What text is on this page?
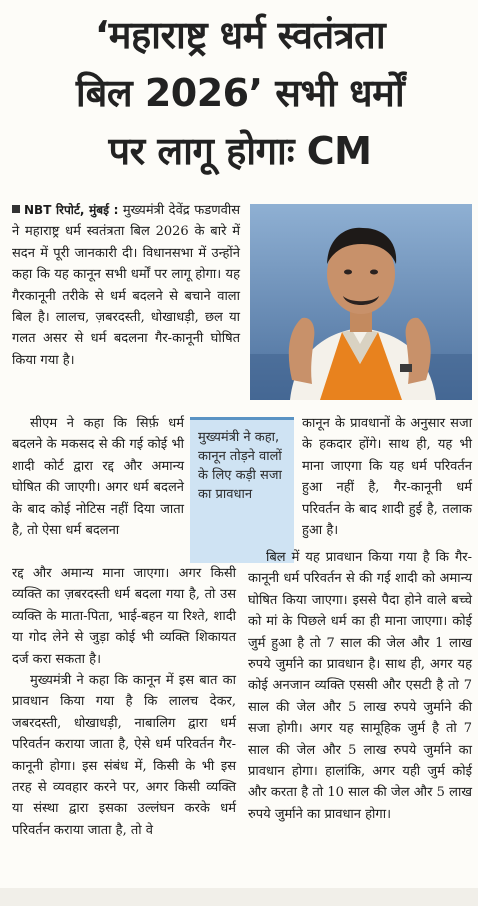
‘महाराष्ट्र धर्म स्वतंत्रता
बिल 2026’ सभी धर्मों
पर लागू होगाः CM

NBT रिपोर्ट, मुंबई : मुख्यमंत्री देवेंद्र फडणवीस ने महाराष्ट्र धर्म स्वतंत्रता बिल 2026 के बारे में सदन में पूरी जानकारी दी। विधानसभा में उन्होंने कहा कि यह कानून सभी धर्मों पर लागू होगा। यह गैरकानूनी तरीके से धर्म बदलने से बचाने वाला बिल है। लालच, ज़बरदस्ती, धोखाधड़ी, छल या गलत असर से धर्म बदलना गैर-कानूनी घोषित किया गया है।

सीएम ने कहा कि सिर्फ़ धर्म बदलने के मकसद से की गई कोई भी शादी कोर्ट द्वारा रद्द और अमान्य घोषित की जाएगी। अगर धर्म बदलने के बाद कोई नोटिस नहीं दिया जाता है, तो ऐसा धर्म बदलना

मुख्यमंत्री ने कहा, कानून तोड़ने वालों के लिए कड़ी सजा का प्रावधान

कानून के प्रावधानों के अनुसार सजा के हकदार होंगे। साथ ही, यह भी माना जाएगा कि यह धर्म परिवर्तन हुआ नहीं है, गैर-कानूनी धर्म परिवर्तन के बाद शादी हुई है, तलाक हुआ है।

रद्द और अमान्य माना जाएगा। अगर किसी व्यक्ति का ज़बरदस्ती धर्म बदला गया है, तो उस व्यक्ति के माता-पिता, भाई-बहन या रिश्ते, शादी या गोद लेने से जुड़ा कोई भी व्यक्ति शिकायत दर्ज करा सकता है।

मुख्यमंत्री ने कहा कि कानून में इस बात का प्रावधान किया गया है कि लालच देकर, जबरदस्ती, धोखाधड़ी, नाबालिग द्वारा धर्म परिवर्तन कराया जाता है, ऐसे धर्म परिवर्तन गैर-कानूनी होगा। इस संबंध में, किसी के भी इस तरह से व्यवहार करने पर, अगर किसी व्यक्ति या संस्था द्वारा इसका उल्लंघन करके धर्म परिवर्तन कराया जाता है, तो वे

बिल में यह प्रावधान किया गया है कि गैर-कानूनी धर्म परिवर्तन से की गई शादी को अमान्य घोषित किया जाएगा। इससे पैदा होने वाले बच्चे को मां के पिछले धर्म का ही माना जाएगा। कोई जुर्म हुआ है तो 7 साल की जेल और 1 लाख रुपये जुर्माने का प्रावधान है। साथ ही, अगर यह कोई अनजान व्यक्ति एससी और एसटी है तो 7 साल की जेल और 5 लाख रुपये जुर्माने की सजा होगी। अगर यह सामूहिक जुर्म है तो 7 साल की जेल और 5 लाख रुपये जुर्माने का प्रावधान होगा। हालांकि, अगर यही जुर्म कोई और करता है तो 10 साल की जेल और 5 लाख रुपये जुर्माने का प्रावधान होगा।
